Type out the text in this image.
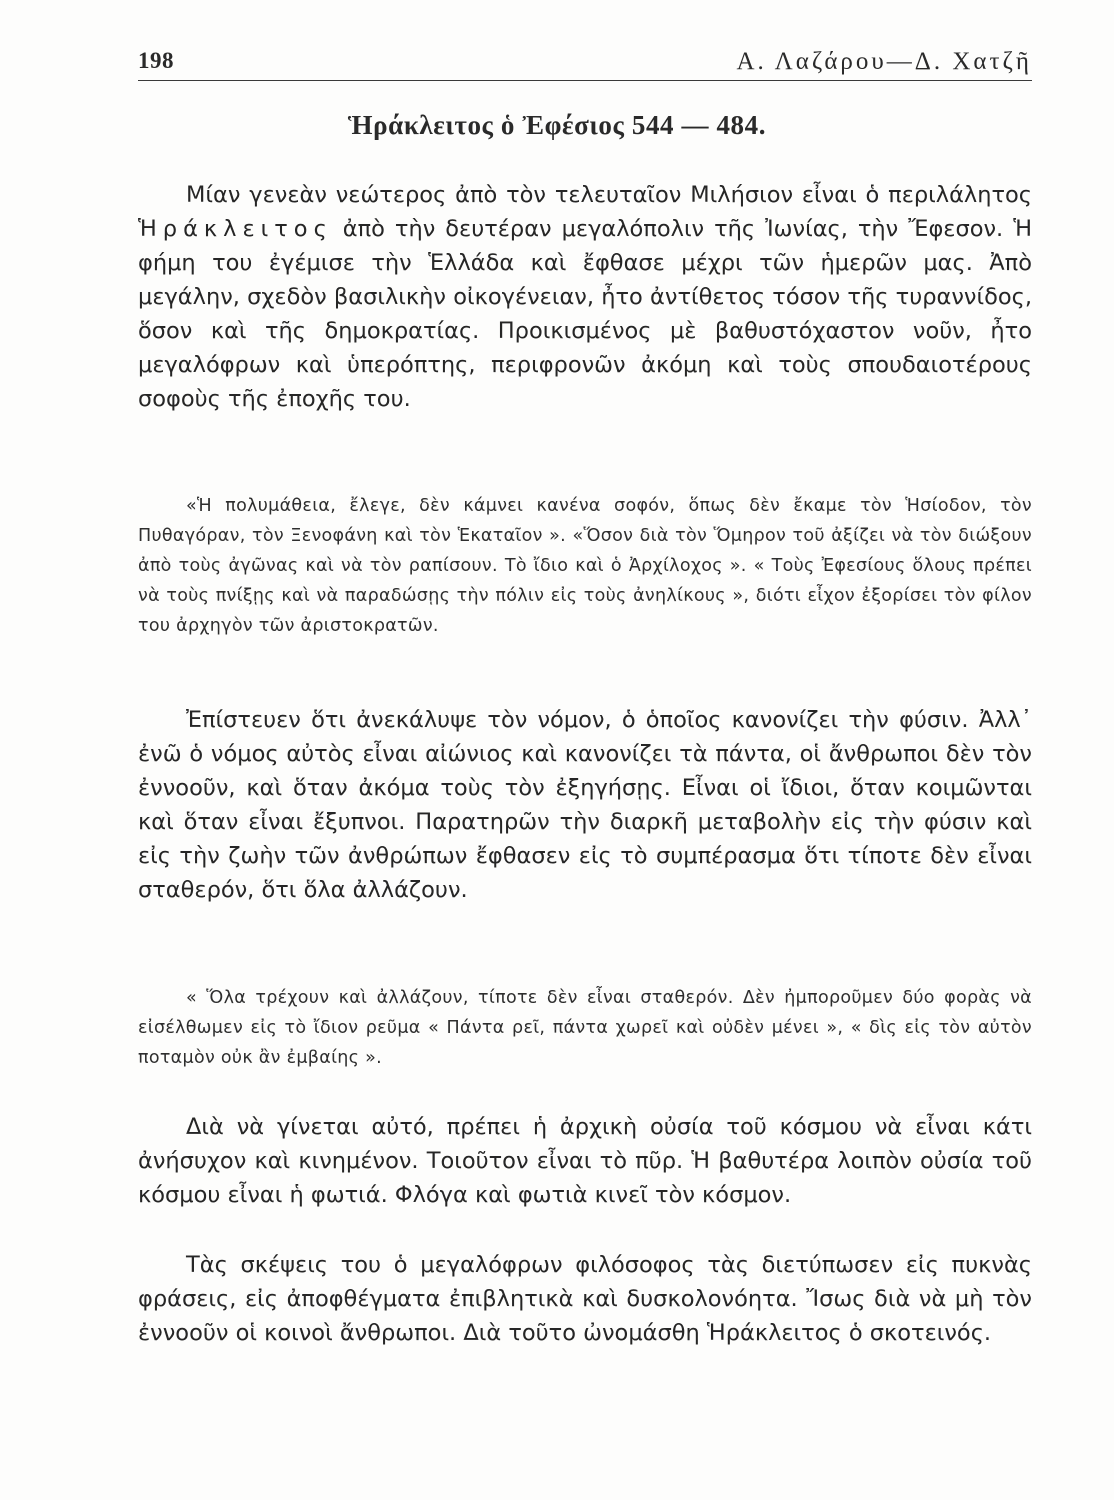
198	Α. Λαζάρου—Δ. Χατζῆ
Ἡράκλειτος ὁ Ἐφέσιος 544 — 484.

Μίαν γενεὰν νεώτερος ἀπὸ τὸν τελευταῖον Μιλήσιον εἶναι ὁ περιλάλητος Ἡράκλειτος ἀπὸ τὴν δευτέραν μεγαλόπολιν τῆς Ἰωνίας, τὴν Ἔφεσον. Ἡ φήμη του ἐγέμισε τὴν Ἑλλάδα καὶ ἔφθασε μέχρι τῶν ἡμερῶν μας. Ἀπὸ μεγάλην, σχεδὸν βασιλικὴν οἰκογένειαν, ἦτο ἀντίθετος τόσον τῆς τυραννίδος, ὅσον καὶ τῆς δημοκρατίας. Προικισμένος μὲ βαθυστόχαστον νοῦν, ἦτο μεγαλόφρων καὶ ὑπερόπτης, περιφρονῶν ἀκόμη καὶ τοὺς σπουδαιοτέρους σοφοὺς τῆς ἐποχῆς του.

«Ἡ πολυμάθεια, ἔλεγε, δὲν κάμνει κανένα σοφόν, ὅπως δὲν ἔκαμε τὸν Ἡσίοδον, τὸν Πυθαγόραν, τὸν Ξενοφάνη καὶ τὸν Ἑκαταῖον ». «Ὅσον διὰ τὸν Ὅμηρον τοῦ ἀξίζει νὰ τὸν διώξουν ἀπὸ τοὺς ἀγῶνας καὶ νὰ τὸν ραπίσουν. Τὸ ἴδιο καὶ ὁ Ἀρχίλοχος ». « Τοὺς Ἐφεσίους ὅλους πρέπει νὰ τοὺς πνίξῃς καὶ νὰ παραδώσῃς τὴν πόλιν εἰς τοὺς ἀνηλίκους », διότι εἶχον ἐξορίσει τὸν φίλον του ἀρχηγὸν τῶν ἀριστοκρατῶν.

Ἐπίστευεν ὅτι ἀνεκάλυψε τὸν νόμον, ὁ ὁποῖος κανονίζει τὴν φύσιν. Ἀλλ᾽ ἐνῶ ὁ νόμος αὐτὸς εἶναι αἰώνιος καὶ κανονίζει τὰ πάντα, οἱ ἄνθρωποι δὲν τὸν ἐννοοῦν, καὶ ὅταν ἀκόμα τοὺς τὸν ἐξηγήσῃς. Εἶναι οἱ ἴδιοι, ὅταν κοιμῶνται καὶ ὅταν εἶναι ἔξυπνοι. Παρατηρῶν τὴν διαρκῆ μεταβολὴν εἰς τὴν φύσιν καὶ εἰς τὴν ζωὴν τῶν ἀνθρώπων ἔφθασεν εἰς τὸ συμπέρασμα ὅτι τίποτε δὲν εἶναι σταθερόν, ὅτι ὅλα ἀλλάζουν.

« Ὅλα τρέχουν καὶ ἀλλάζουν, τίποτε δὲν εἶναι σταθερόν. Δὲν ἠμποροῦμεν δύο φορὰς νὰ εἰσέλθωμεν εἰς τὸ ἴδιον ρεῦμα « Πάντα ρεῖ, πάντα χωρεῖ καὶ οὐδὲν μένει », « δὶς εἰς τὸν αὐτὸν ποταμὸν οὐκ ἂν ἐμβαίης ».

Διὰ νὰ γίνεται αὐτό, πρέπει ἡ ἀρχικὴ οὐσία τοῦ κόσμου νὰ εἶναι κάτι ἀνήσυχον καὶ κινημένον. Τοιοῦτον εἶναι τὸ πῦρ. Ἡ βαθυτέρα λοιπὸν οὐσία τοῦ κόσμου εἶναι ἡ φωτιά. Φλόγα καὶ φωτιὰ κινεῖ τὸν κόσμον.

Τὰς σκέψεις του ὁ μεγαλόφρων φιλόσοφος τὰς διετύπωσεν εἰς πυκνὰς φράσεις, εἰς ἀποφθέγματα ἐπιβλητικὰ καὶ δυσκολονόητα. Ἴσως διὰ νὰ μὴ τὸν ἐννοοῦν οἱ κοινοὶ ἄνθρωποι. Διὰ τοῦτο ὠνομάσθη Ἡράκλειτος ὁ σκοτεινός.
